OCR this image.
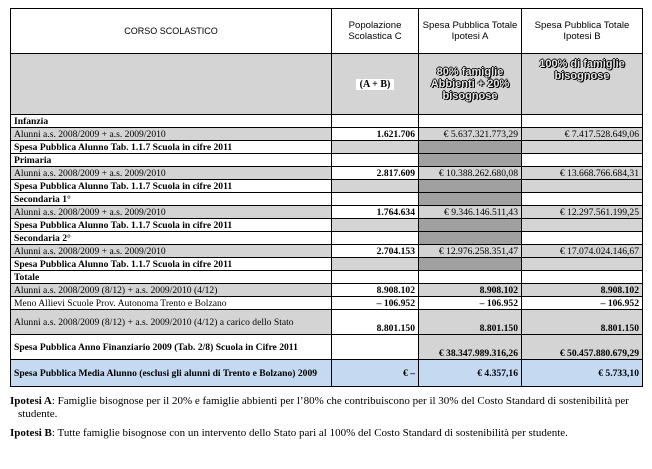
CORSO SCOLASTICO	Popolazione Scolastica C	Spesa Pubblica Totale Ipotesi A	Spesa Pubblica Totale Ipotesi B
	(A + B)	80% famiglie Abbienti + 20% bisognose	100% di famiglie bisognose

Infanzia			
Alunni a.s. 2008/2009 + a.s. 2009/2010	1.621.706	€ 5.637.321.773,29	€ 7.417.528.649,06
Spesa Pubblica Alunno Tab. 1.1.7 Scuola in cifre 2011			
Primaria			
Alunni a.s. 2008/2009 + a.s. 2009/2010	2.817.609	€ 10.388.262.680,08	€ 13.668.766.684,31
Spesa Pubblica Alunno Tab. 1.1.7 Scuola in cifre 2011			
Secondaria 1°			
Alunni a.s. 2008/2009 + a.s. 2009/2010	1.764.634	€ 9.346.146.511,43	€ 12.297.561.199,25
Spesa Pubblica Alunno Tab. 1.1.7 Scuola in cifre 2011			
Secondaria 2°			
Alunni a.s. 2008/2009 + a.s. 2009/2010	2.704.153	€ 12.976.258.351,47	€ 17.074.024.146,67
Spesa Pubblica Alunno Tab. 1.1.7 Scuola in cifre 2011			
Totale			
Alunni a.s. 2008/2009 (8/12) + a.s. 2009/2010 (4/12)	8.908.102	8.908.102	8.908.102
Meno Allievi Scuole Prov. Autonoma Trento e Bolzano	– 106.952	– 106.952	– 106.952
Alunni a.s. 2008/2009 (8/12) + a.s. 2009/2010 (4/12) a carico dello Stato	8.801.150	8.801.150	8.801.150
Spesa Pubblica Anno Finanziario 2009 (Tab. 2/8) Scuola in Cifre 2011		€ 38.347.989.316,26	€ 50.457.880.679,29
Spesa Pubblica Media Alunno (esclusi gli alunni di Trento e Bolzano) 2009	€ –	€ 4.357,16	€ 5.733,10

Ipotesi A: Famiglie bisognose per il 20% e famiglie abbienti per l’80% che contribuiscono per il 30% del Costo Standard di sostenibilità per studente.

Ipotesi B: Tutte famiglie bisognose con un intervento dello Stato pari al 100% del Costo Standard di sostenibilità per studente.
